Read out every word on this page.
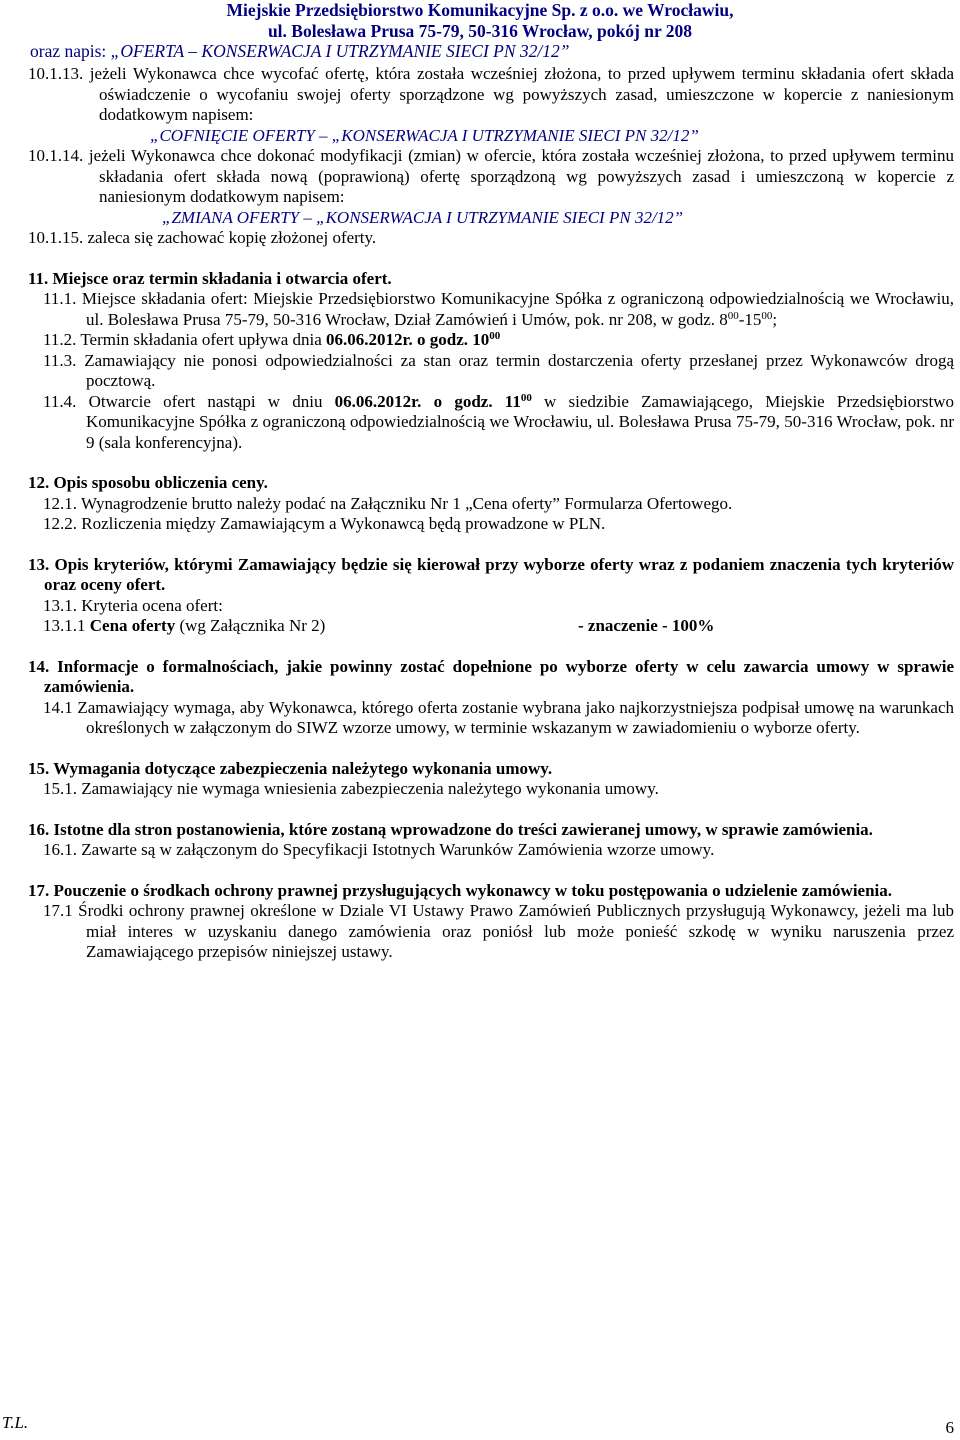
Miejskie Przedsiębiorstwo Komunikacyjne Sp. z o.o. we Wrocławiu,
ul. Bolesława Prusa 75-79, 50-316 Wrocław, pokój nr 208
oraz napis: „OFERTA – KONSERWACJA I UTRZYMANIE SIECI PN 32/12”
10.1.13. jeżeli Wykonawca chce wycofać ofertę, która została wcześniej złożona, to przed upływem terminu składania ofert składa oświadczenie o wycofaniu swojej oferty sporządzone wg powyższych zasad, umieszczone w kopercie z naniesionym dodatkowym napisem:
„COFNIĘCIE OFERTY – „KONSERWACJA I UTRZYMANIE SIECI PN 32/12”
10.1.14. jeżeli Wykonawca chce dokonać modyfikacji (zmian) w ofercie, która została wcześniej złożona, to przed upływem terminu składania ofert składa nową (poprawioną) ofertę sporządzoną wg powyższych zasad i umieszczoną w kopercie z naniesionym dodatkowym napisem:
„ZMIANA OFERTY – „KONSERWACJA I UTRZYMANIE SIECI PN 32/12”
10.1.15. zaleca się zachować kopię złożonej oferty.
11. Miejsce oraz termin składania i otwarcia ofert.
11.1. Miejsce składania ofert: Miejskie Przedsiębiorstwo Komunikacyjne Spółka z ograniczoną odpowiedzialnością we Wrocławiu, ul. Bolesława Prusa 75-79, 50-316 Wrocław, Dział Zamówień i Umów, pok. nr 208, w godz. $8^{00}-15^{00}$;
11.2. Termin składania ofert upływa dnia 06.06.2012r. o godz. $10^{00}$
11.3. Zamawiający nie ponosi odpowiedzialności za stan oraz termin dostarczenia oferty przesłanej przez Wykonawców drogą pocztową.
11.4. Otwarcie ofert nastąpi w dniu 06.06.2012r. o godz. $11^{00}$ w siedzibie Zamawiającego, Miejskie Przedsiębiorstwo Komunikacyjne Spółka z ograniczoną odpowiedzialnością we Wrocławiu, ul. Bolesława Prusa 75-79, 50-316 Wrocław, pok. nr 9 (sala konferencyjna).
12. Opis sposobu obliczenia ceny.
12.1. Wynagrodzenie brutto należy podać na Załączniku Nr 1 „Cena oferty” Formularza Ofertowego.
12.2. Rozliczenia między Zamawiającym a Wykonawcą będą prowadzone w PLN.
13. Opis kryteriów, którymi Zamawiający będzie się kierował przy wyborze oferty wraz z podaniem znaczenia tych kryteriów oraz oceny ofert.
13.1. Kryteria ocena ofert:
13.1.1 Cena oferty (wg Załącznika Nr 2)	- znaczenie - 100%
14. Informacje o formalnościach, jakie powinny zostać dopełnione po wyborze oferty w celu zawarcia umowy w sprawie zamówienia.
14.1 Zamawiający wymaga, aby Wykonawca, którego oferta zostanie wybrana jako najkorzystniejsza podpisał umowę na warunkach określonych w załączonym do SIWZ wzorze umowy, w terminie wskazanym w zawiadomieniu o wyborze oferty.
15. Wymagania dotyczące zabezpieczenia należytego wykonania umowy.
15.1. Zamawiający nie wymaga wniesienia zabezpieczenia należytego wykonania umowy.
16. Istotne dla stron postanowienia, które zostaną wprowadzone do treści zawieranej umowy, w sprawie zamówienia.
16.1. Zawarte są w załączonym do Specyfikacji Istotnych Warunków Zamówienia wzorze umowy.
17. Pouczenie o środkach ochrony prawnej przysługujących wykonawcy w toku postępowania o udzielenie zamówienia.
17.1 Środki ochrony prawnej określone w Dziale VI Ustawy Prawo Zamówień Publicznych przysługują Wykonawcy, jeżeli ma lub miał interes w uzyskaniu danego zamówienia oraz poniósł lub może ponieść szkodę w wyniku naruszenia przez Zamawiającego przepisów niniejszej ustawy.
T.L.	6
